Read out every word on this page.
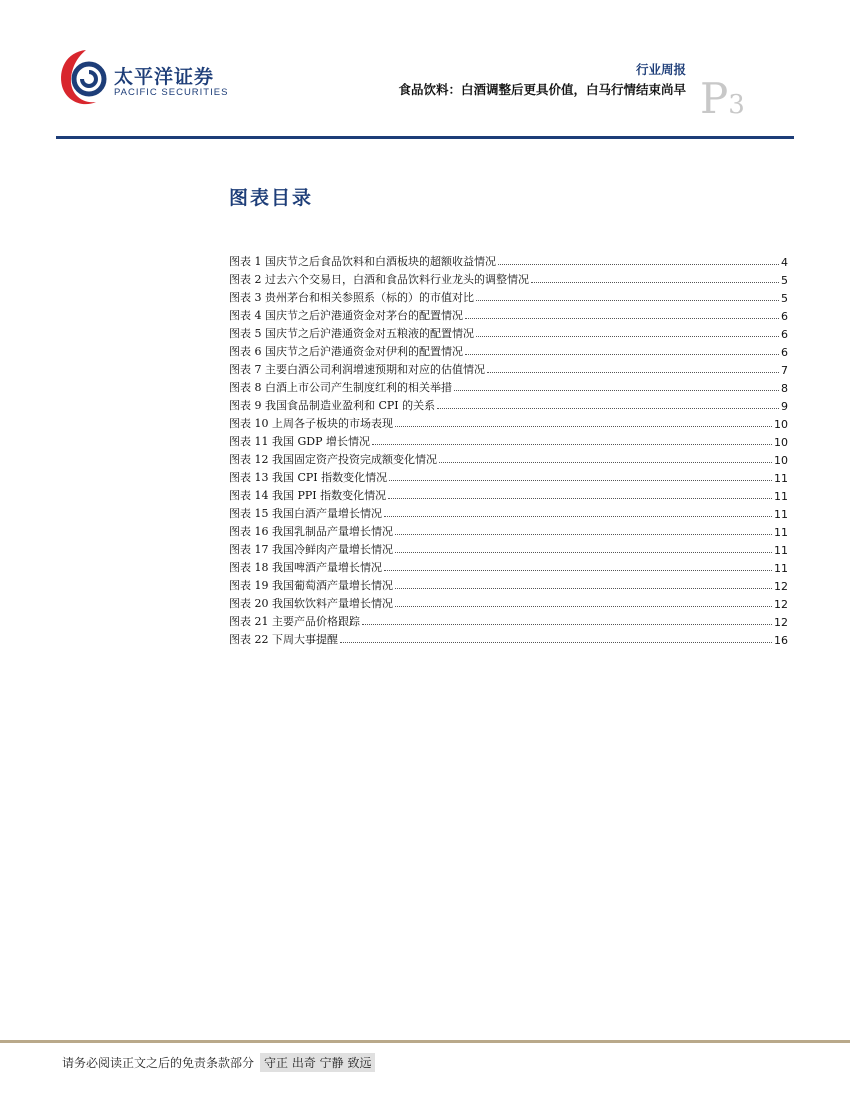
太平洋证券
PACIFIC SECURITIES
行业周报
食品饮料：白酒调整后更具价值，白马行情结束尚早 P3
图表目录
图表 1 国庆节之后食品饮料和白酒板块的超额收益情况	4
图表 2 过去六个交易日，白酒和食品饮料行业龙头的调整情况	5
图表 3 贵州茅台和相关参照系（标的）的市值对比	5
图表 4 国庆节之后沪港通资金对茅台的配置情况	6
图表 5 国庆节之后沪港通资金对五粮液的配置情况	6
图表 6 国庆节之后沪港通资金对伊利的配置情况	6
图表 7 主要白酒公司利润增速预期和对应的估值情况	7
图表 8 白酒上市公司产生制度红利的相关举措	8
图表 9 我国食品制造业盈利和 CPI 的关系	9
图表 10 上周各子板块的市场表现	10
图表 11 我国 GDP 增长情况	10
图表 12 我国固定资产投资完成额变化情况	10
图表 13 我国 CPI 指数变化情况	11
图表 14 我国 PPI 指数变化情况	11
图表 15 我国白酒产量增长情况	11
图表 16 我国乳制品产量增长情况	11
图表 17 我国冷鲜肉产量增长情况	11
图表 18 我国啤酒产量增长情况	11
图表 19 我国葡萄酒产量增长情况	12
图表 20 我国软饮料产量增长情况	12
图表 21 主要产品价格跟踪	12
图表 22 下周大事提醒	16
请务必阅读正文之后的免责条款部分 守正 出奇 宁静 致远
